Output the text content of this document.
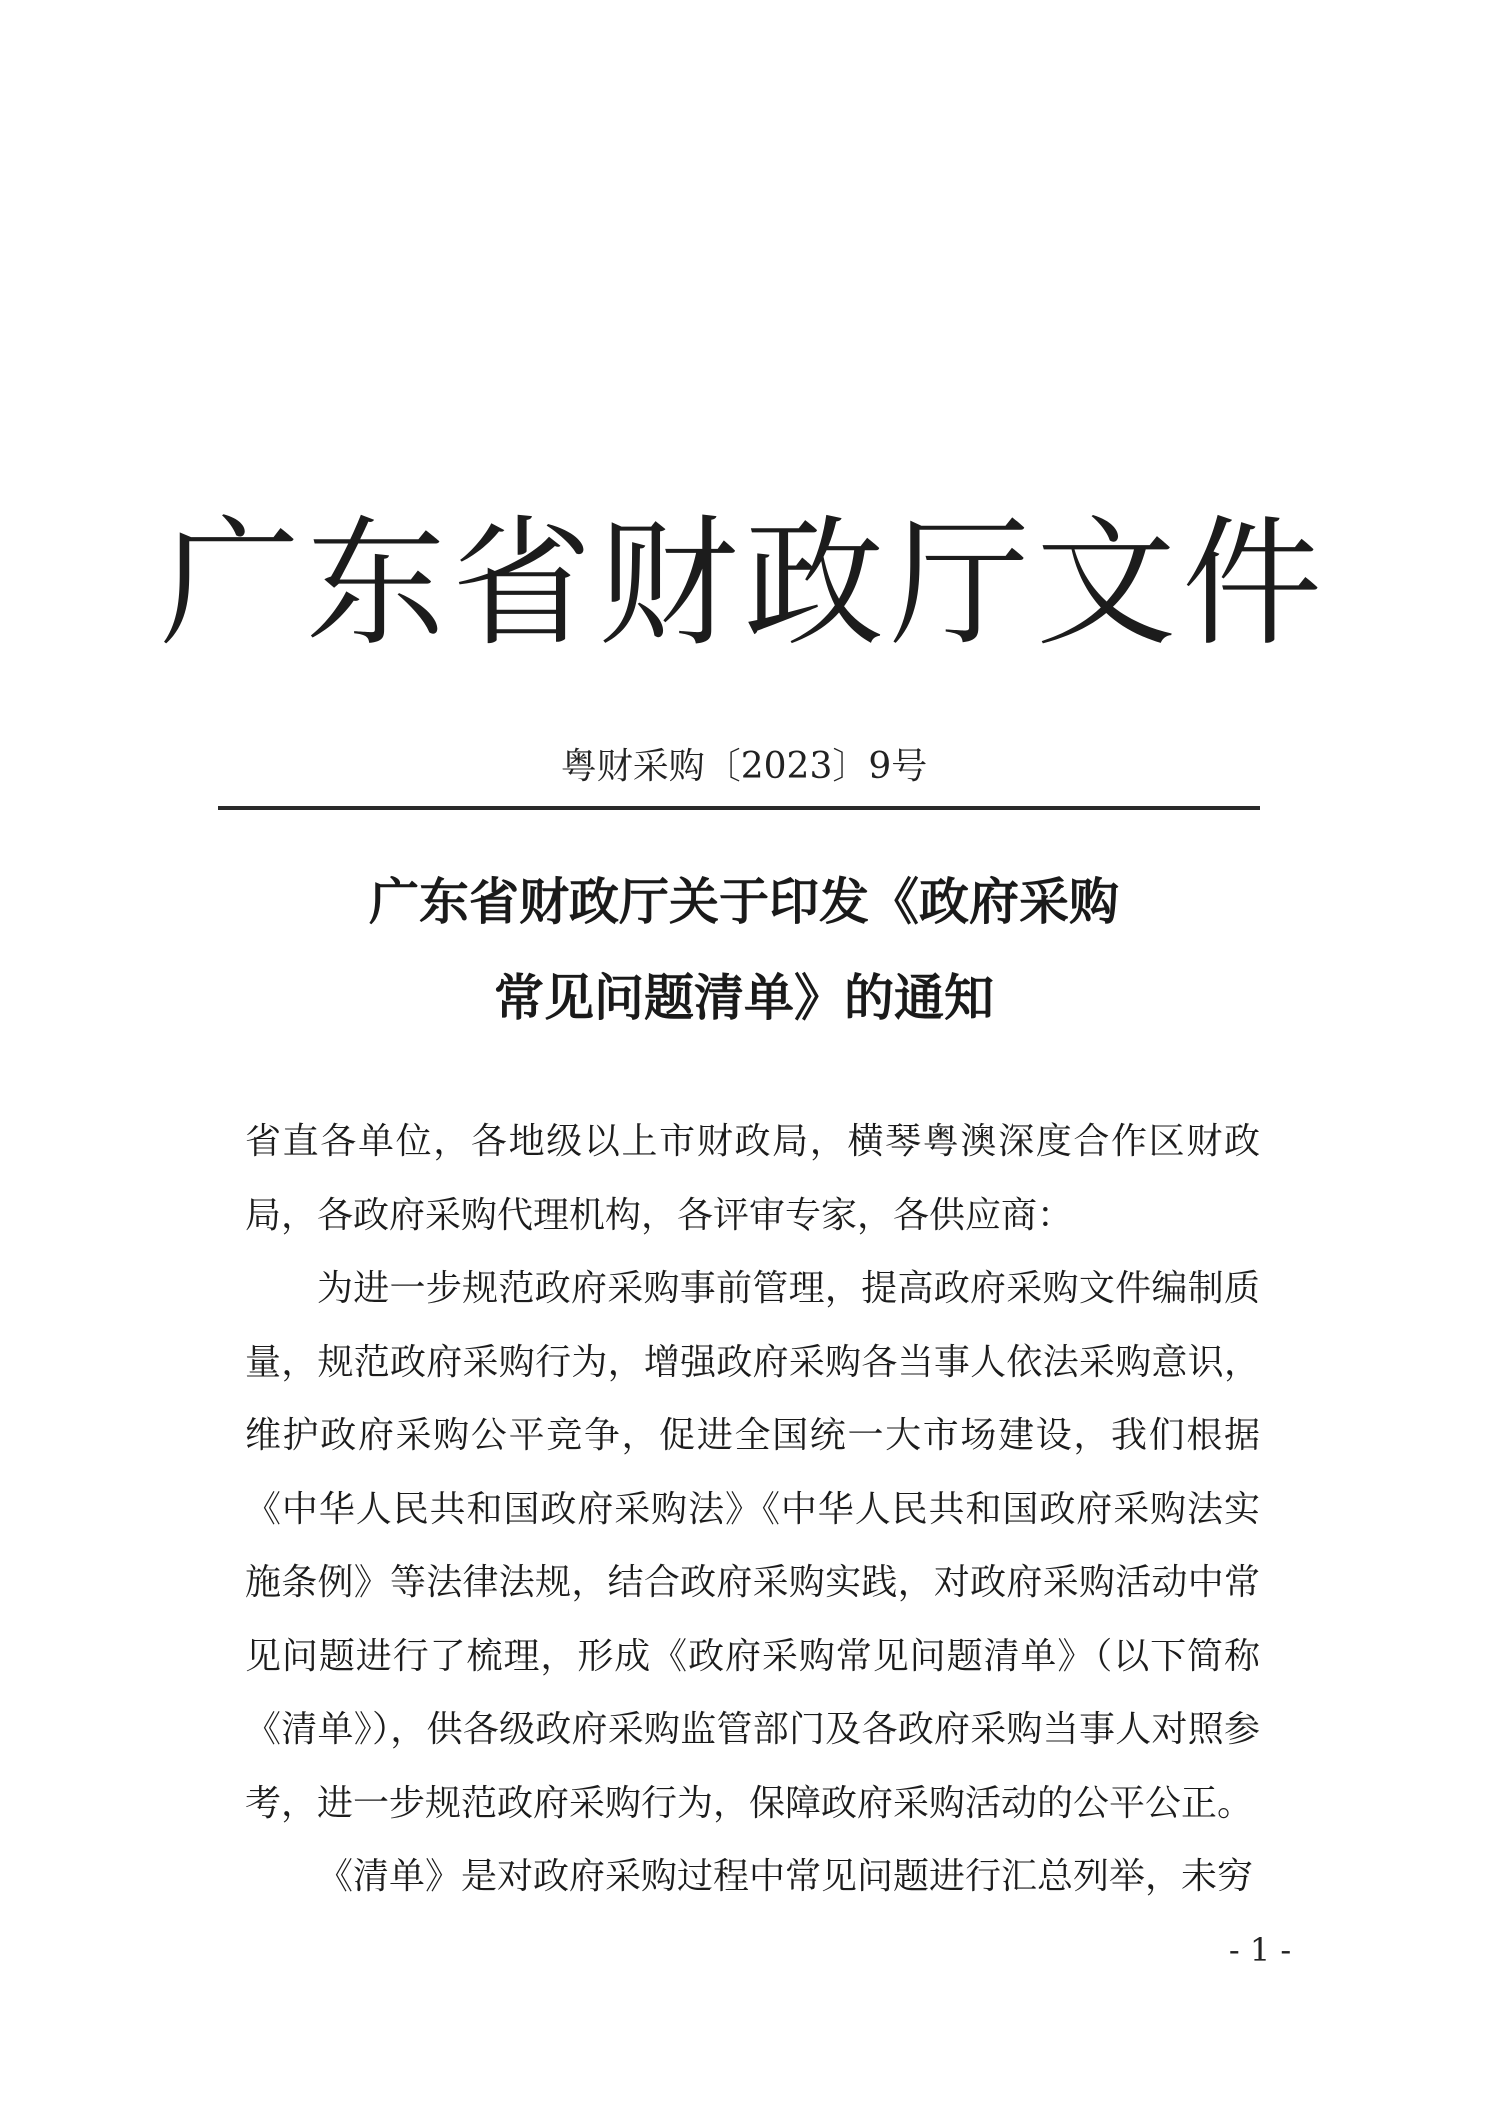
广东省财政厅文件
粤财采购〔2023〕9号
广东省财政厅关于印发《政府采购
常见问题清单》的通知

省直各单位，各地级以上市财政局，横琴粤澳深度合作区财政局，各政府采购代理机构，各评审专家，各供应商：

为进一步规范政府采购事前管理，提高政府采购文件编制质量，规范政府采购行为，增强政府采购各当事人依法采购意识，维护政府采购公平竞争，促进全国统一大市场建设，我们根据《中华人民共和国政府采购法》《中华人民共和国政府采购法实施条例》等法律法规，结合政府采购实践，对政府采购活动中常见问题进行了梳理，形成《政府采购常见问题清单》（以下简称《清单》），供各级政府采购监管部门及各政府采购当事人对照参考，进一步规范政府采购行为，保障政府采购活动的公平公正。

《清单》是对政府采购过程中常见问题进行汇总列举，未穷

- 1 -
